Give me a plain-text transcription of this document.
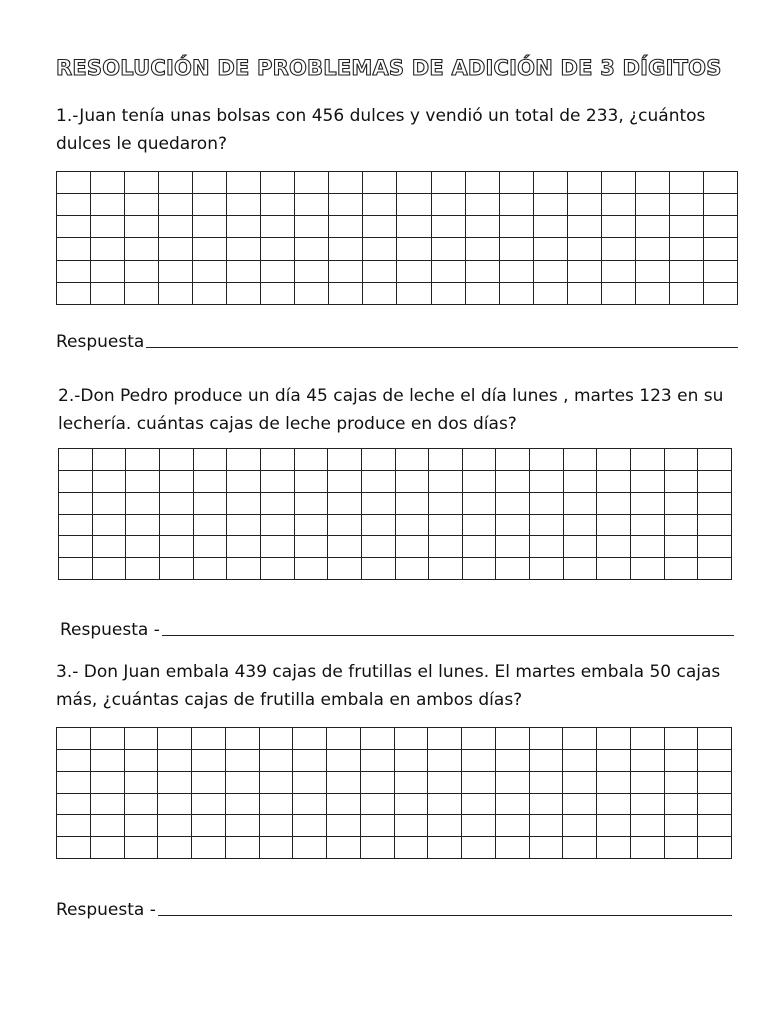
RESOLUCIÓN DE PROBLEMAS DE ADICIÓN DE 3 DÍGITOS
1.-Juan tenía unas bolsas con 456 dulces y vendió un total de 233, ¿cuántos dulces le quedaron?
Respuesta
2.-Don Pedro produce un día 45 cajas de leche el día lunes , martes 123 en su lechería. cuántas cajas de leche produce en dos días?
Respuesta -
3.- Don Juan embala 439 cajas de frutillas el lunes. El martes embala 50 cajas más, ¿cuántas cajas de frutilla embala en ambos días?
Respuesta -
